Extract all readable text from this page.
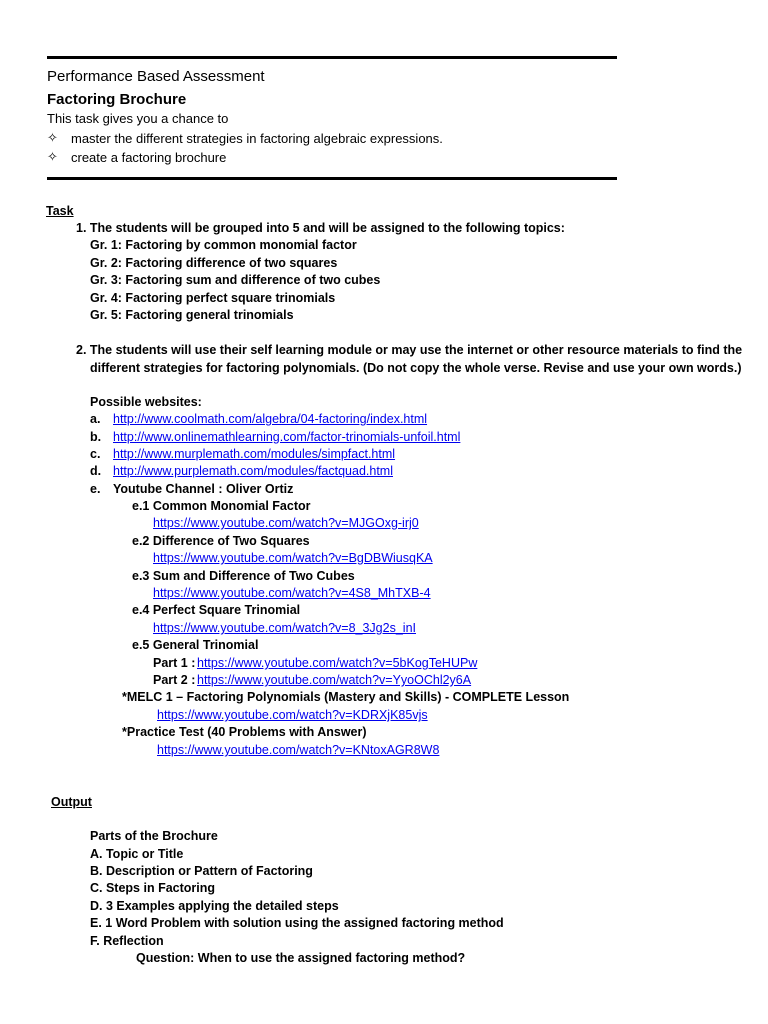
Performance Based Assessment
Factoring Brochure
This task gives you a chance to
✧ master the different strategies in factoring algebraic expressions.
✧ create a factoring brochure
Task
1. The students will be grouped into 5 and will be assigned to the following topics:
Gr. 1: Factoring by common monomial factor
Gr. 2: Factoring difference of two squares
Gr. 3: Factoring sum and difference of two cubes
Gr. 4: Factoring perfect square trinomials
Gr. 5: Factoring general trinomials
2. The students will use their self learning module or may use the internet or other resource materials to find the
different strategies for factoring polynomials. (Do not copy the whole verse. Revise and use your own words.)
Possible websites:
a. http://www.coolmath.com/algebra/04-factoring/index.html
b. http://www.onlinemathlearning.com/factor-trinomials-unfoil.html
c. http://www.murplemath.com/modules/simpfact.html
d. http://www.purplemath.com/modules/factquad.html
e. Youtube Channel : Oliver Ortiz
e.1 Common Monomial Factor
https://www.youtube.com/watch?v=MJGOxg-irj0
e.2 Difference of Two Squares
https://www.youtube.com/watch?v=BgDBWiusqKA
e.3 Sum and Difference of Two Cubes
https://www.youtube.com/watch?v=4S8_MhTXB-4
e.4 Perfect Square Trinomial
https://www.youtube.com/watch?v=8_3Jg2s_inI
e.5 General Trinomial
Part 1 : https://www.youtube.com/watch?v=5bKogTeHUPw
Part 2 : https://www.youtube.com/watch?v=YyoOChl2y6A
*MELC 1 – Factoring Polynomials (Mastery and Skills) - COMPLETE Lesson
https://www.youtube.com/watch?v=KDRXjK85vjs
*Practice Test (40 Problems with Answer)
https://www.youtube.com/watch?v=KNtoxAGR8W8
Output
Parts of the Brochure
A. Topic or Title
B. Description or Pattern of Factoring
C. Steps in Factoring
D. 3 Examples applying the detailed steps
E. 1 Word Problem with solution using the assigned factoring method
F. Reflection
Question: When to use the assigned factoring method?
